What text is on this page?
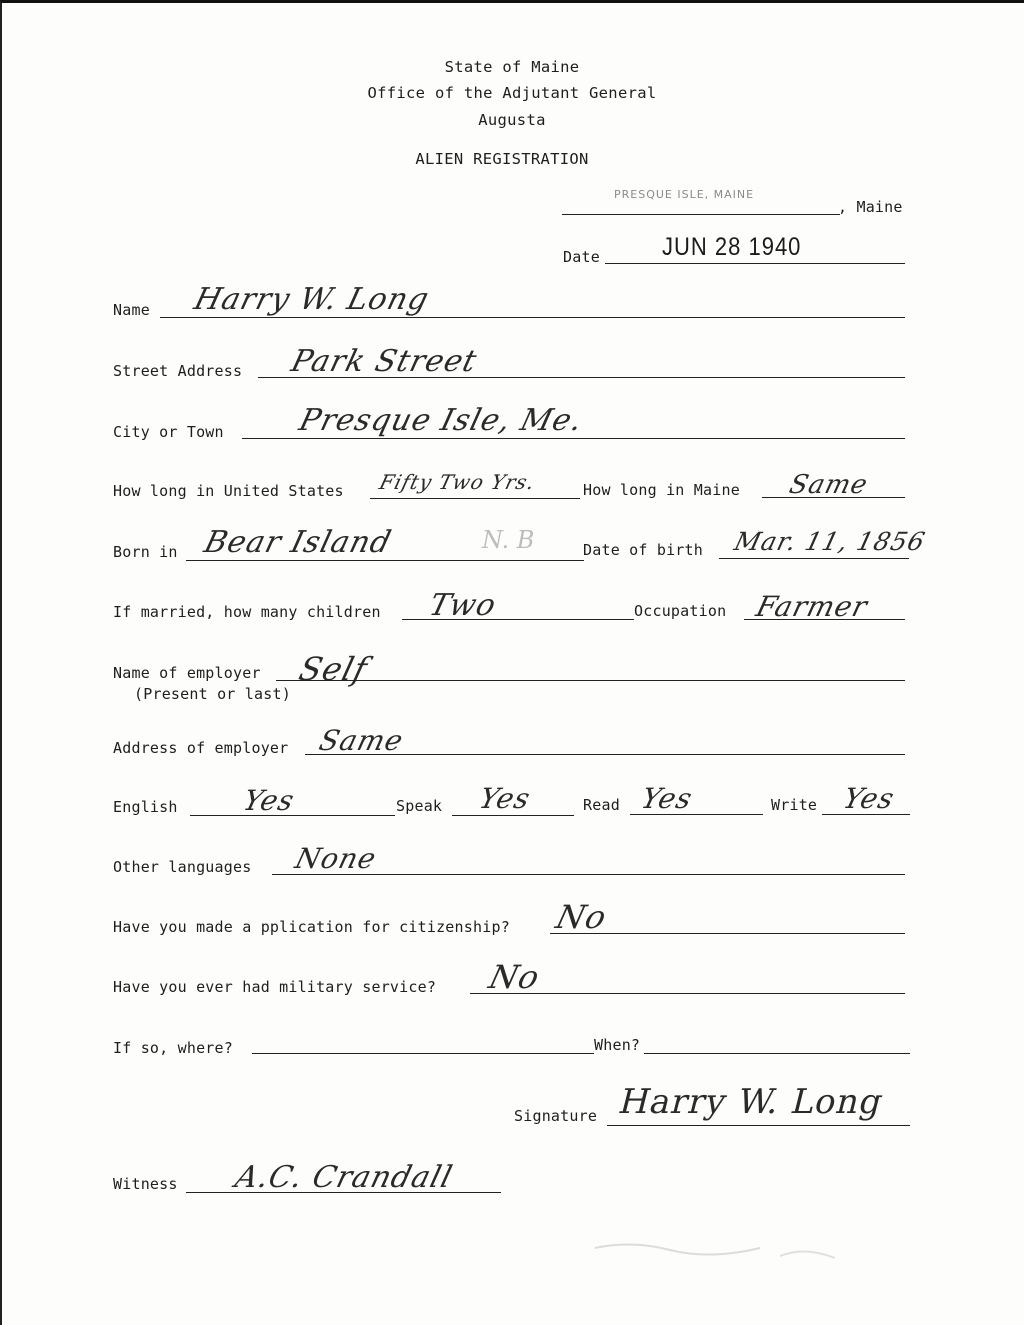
State of Maine
Office of the Adjutant General
Augusta
ALIEN REGISTRATION
PRESQUE ISLE, MAINE
, Maine
Date	JUN 28 1940
Name Harry W. Long
Street Address Park Street
City or Town Presque Isle, Me.
How long in United States Fifty Two Yrs.	How long in Maine Same
Born in Bear Island	N. B	Date of birth Mar. 11, 1856
If married, how many children Two	Occupation Farmer
Name of employer
(Present or last)
Self
Address of employer Same
English Yes	Speak Yes	Read Yes	Write Yes
Other languages None
Have you made a pplication for citizenship? No
Have you ever had military service? No
If so, where?	When?
Signature Harry W. Long
Witness A.C. Crandall
